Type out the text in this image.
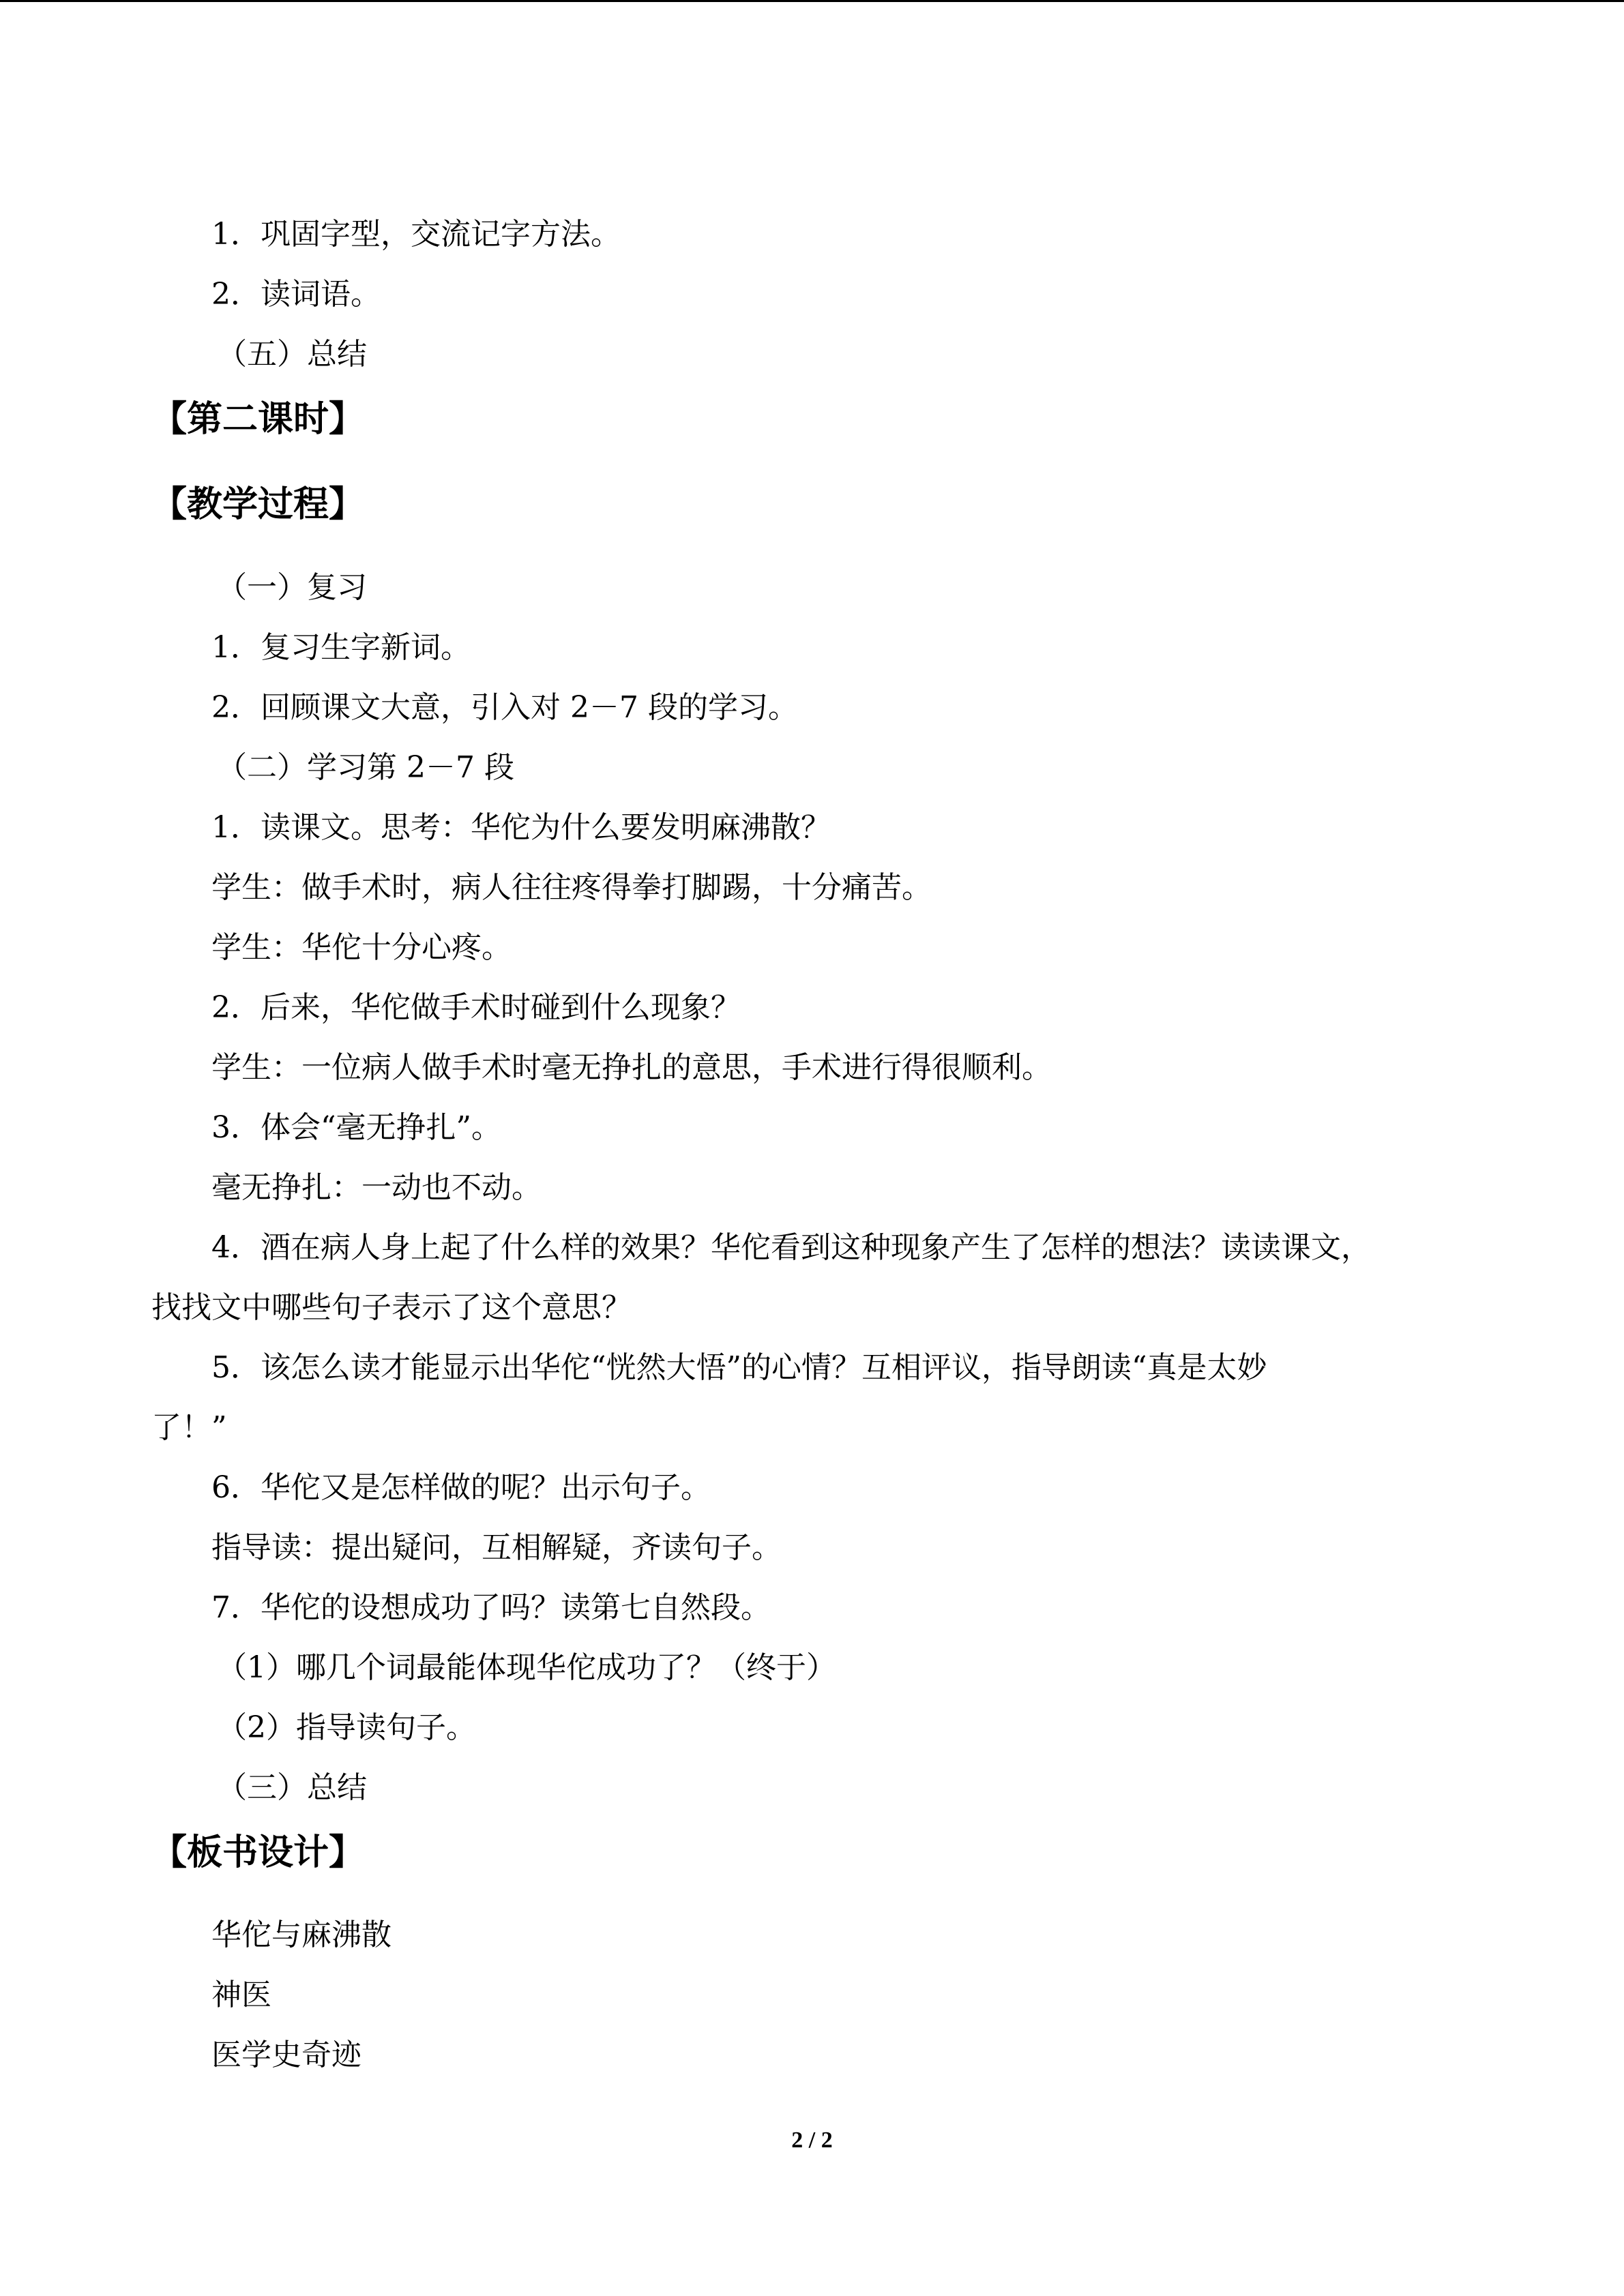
1．巩固字型，交流记字方法。
2．读词语。
（五）总结
【第二课时】
【教学过程】
（一）复习
1．复习生字新词。
2．回顾课文大意，引入对 2－7 段的学习。
（二）学习第 2－7 段
1．读课文。思考：华佗为什么要发明麻沸散？
学生：做手术时，病人往往疼得拳打脚踢，十分痛苦。
学生：华佗十分心疼。
2．后来，华佗做手术时碰到什么现象？
学生：一位病人做手术时毫无挣扎的意思，手术进行得很顺利。
3．体会“毫无挣扎”。
毫无挣扎：一动也不动。
4．酒在病人身上起了什么样的效果？华佗看到这种现象产生了怎样的想法？读读课文，
找找文中哪些句子表示了这个意思？
5．该怎么读才能显示出华佗“恍然大悟”的心情？互相评议，指导朗读“真是太妙
了！”
6．华佗又是怎样做的呢？出示句子。
指导读：提出疑问，互相解疑，齐读句子。
7．华佗的设想成功了吗？读第七自然段。
（1）哪几个词最能体现华佗成功了？（终于）
（2）指导读句子。
（三）总结
【板书设计】
华佗与麻沸散
神医
医学史奇迹
2 / 2
